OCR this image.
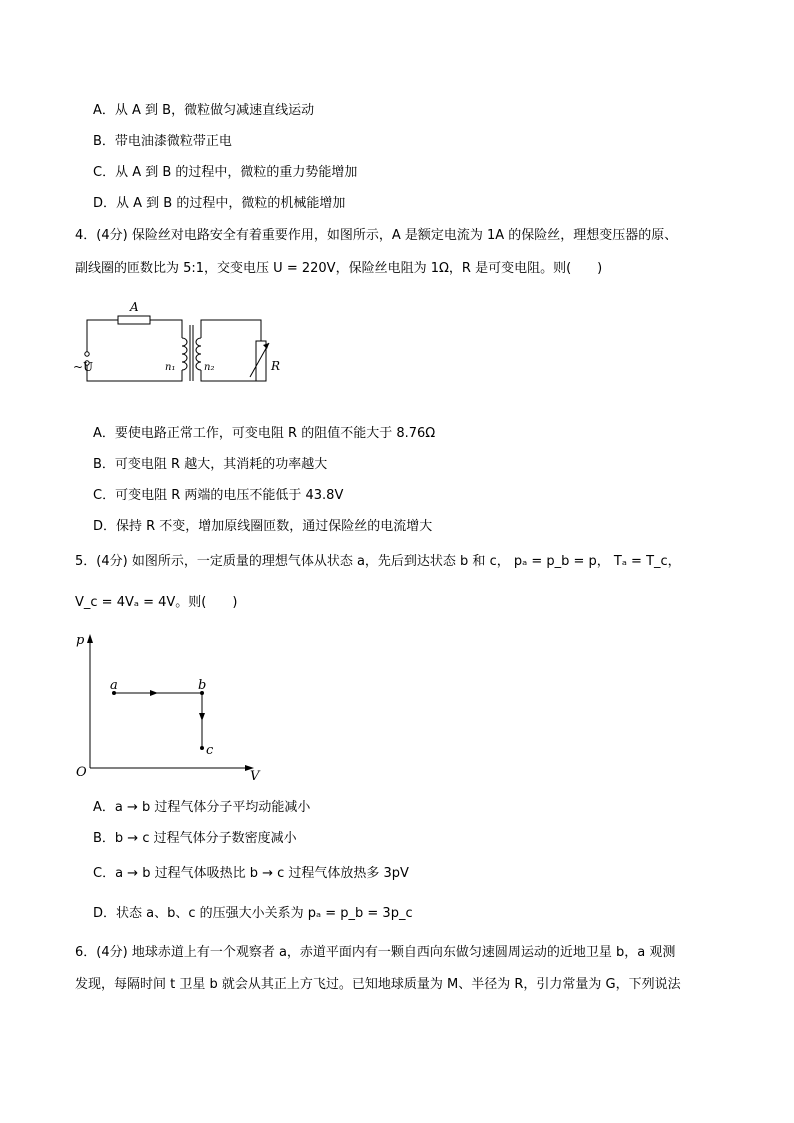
A．从 A 到 B，微粒做匀减速直线运动
B．带电油漆微粒带正电
C．从 A 到 B 的过程中，微粒的重力势能增加
D．从 A 到 B 的过程中，微粒的机械能增加
4．(4分) 保险丝对电路安全有着重要作用，如图所示，A 是额定电流为 1A 的保险丝，理想变压器的原、
副线圈的匝数比为 5:1，交变电压 U = 220V，保险丝电阻为 1Ω，R 是可变电阻。则(　　)
A
~U	n₁	n₂	R
A．要使电路正常工作，可变电阻 R 的阻值不能大于 8.76Ω
B．可变电阻 R 越大，其消耗的功率越大
C．可变电阻 R 两端的电压不能低于 43.8V
D．保持 R 不变，增加原线圈匝数，通过保险丝的电流增大
5．(4分) 如图所示，一定质量的理想气体从状态 a，先后到达状态 b 和 c， pₐ = p_b = p， Tₐ = T_c，
V_c = 4Vₐ = 4V。则(　　)
p
V
O
a	b
c
A．a → b 过程气体分子平均动能减小
B．b → c 过程气体分子数密度减小
C．a → b 过程气体吸热比 b → c 过程气体放热多 3pV
D．状态 a、b、c 的压强大小关系为 pₐ = p_b = 3p_c
6．(4分) 地球赤道上有一个观察者 a，赤道平面内有一颗自西向东做匀速圆周运动的近地卫星 b，a 观测
发现，每隔时间 t 卫星 b 就会从其正上方飞过。已知地球质量为 M、半径为 R，引力常量为 G，下列说法
